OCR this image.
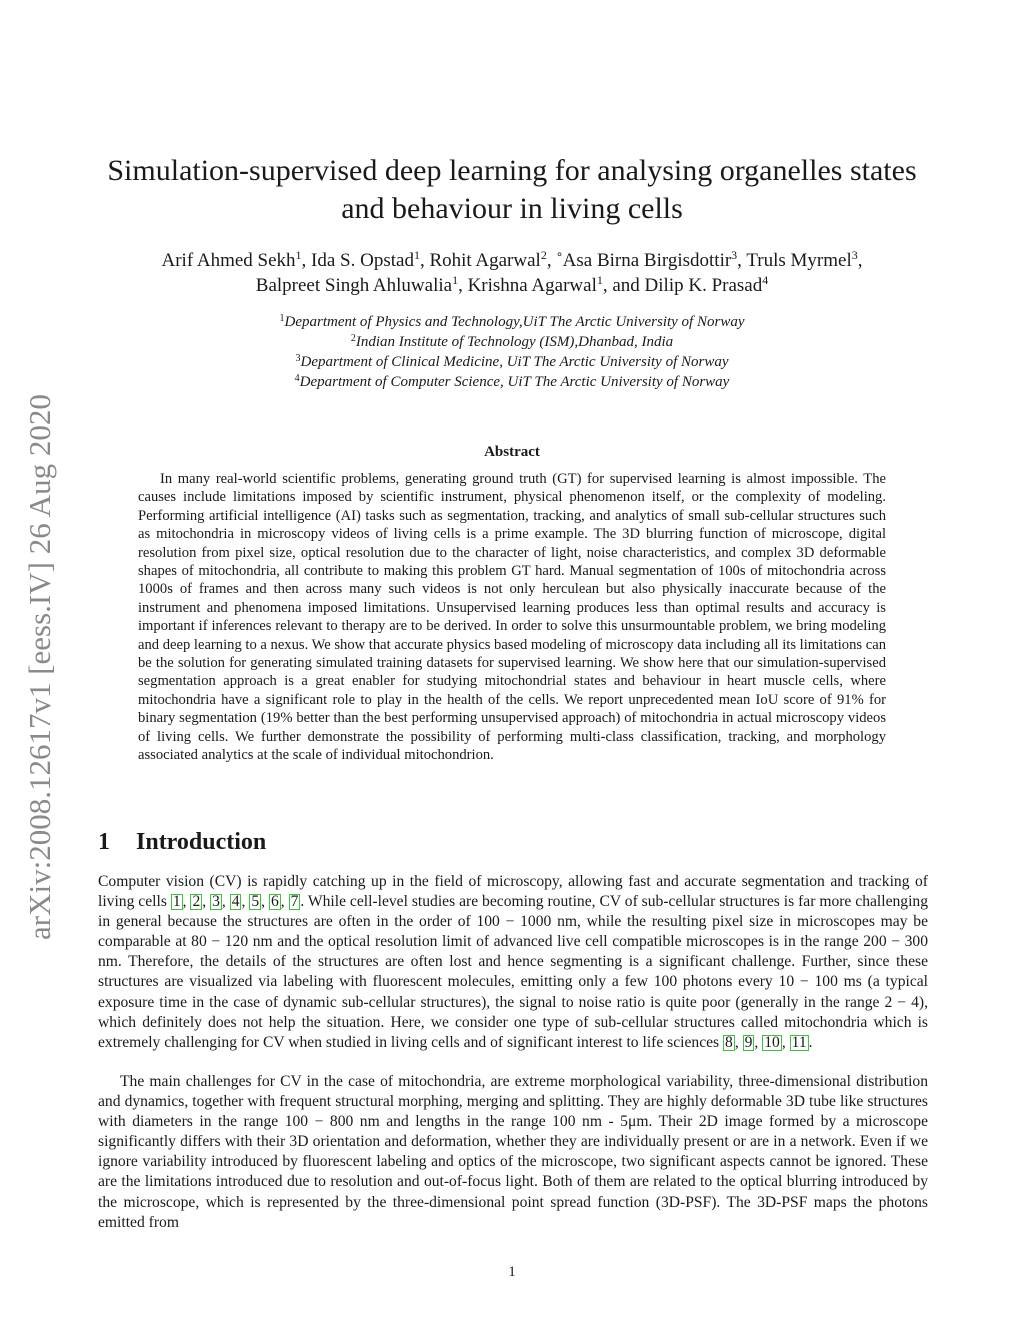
arXiv:2008.12617v1 [eess.IV] 26 Aug 2020
Simulation-supervised deep learning for analysing organelles states and behaviour in living cells
Arif Ahmed Sekh$^1$, Ida S. Opstad$^1$, Rohit Agarwal$^2$, ˚Asa Birna Birgisdottir$^3$, Truls Myrmel$^3$,
Balpreet Singh Ahluwalia$^1$, Krishna Agarwal$^1$, and Dilip K. Prasad$^4$
$^1$Department of Physics and Technology,UiT The Arctic University of Norway
$^2$Indian Institute of Technology (ISM),Dhanbad, India
$^3$Department of Clinical Medicine, UiT The Arctic University of Norway
$^4$Department of Computer Science, UiT The Arctic University of Norway
Abstract

In many real-world scientific problems, generating ground truth (GT) for supervised learning is almost impossible. The causes include limitations imposed by scientific instrument, physical phenomenon itself, or the complexity of modeling. Performing artificial intelligence (AI) tasks such as segmentation, tracking, and analytics of small sub-cellular structures such as mitochondria in microscopy videos of living cells is a prime example. The 3D blurring function of microscope, digital resolution from pixel size, optical resolution due to the character of light, noise characteristics, and complex 3D deformable shapes of mitochondria, all contribute to making this problem GT hard. Manual segmentation of 100s of mitochondria across 1000s of frames and then across many such videos is not only herculean but also physically inaccurate because of the instrument and phenomena imposed limitations. Unsupervised learning produces less than optimal results and accuracy is important if inferences relevant to therapy are to be derived. In order to solve this unsurmountable problem, we bring modeling and deep learning to a nexus. We show that accurate physics based modeling of microscopy data including all its limitations can be the solution for generating simulated training datasets for supervised learning. We show here that our simulation-supervised segmentation approach is a great enabler for studying mitochondrial states and behaviour in heart muscle cells, where mitochondria have a significant role to play in the health of the cells. We report unprecedented mean IoU score of 91% for binary segmentation (19% better than the best performing unsupervised approach) of mitochondria in actual microscopy videos of living cells. We further demonstrate the possibility of performing multi-class classification, tracking, and morphology associated analytics at the scale of individual mitochondrion.

1 Introduction

Computer vision (CV) is rapidly catching up in the field of microscopy, allowing fast and accurate segmentation and tracking of living cells 1 , 2 , 3 , 4 , 5 , 6 , 7 . While cell-level studies are becoming routine, CV of sub-cellular structures is far more challenging in general because the structures are often in the order of 100 − 1000 nm, while the resulting pixel size in microscopes may be comparable at 80 − 120 nm and the optical resolution limit of advanced live cell compatible microscopes is in the range 200 − 300 nm. Therefore, the details of the structures are often lost and hence segmenting is a significant challenge. Further, since these structures are visualized via labeling with fluorescent molecules, emitting only a few 100 photons every 10 − 100 ms (a typical exposure time in the case of dynamic sub-cellular structures), the signal to noise ratio is quite poor (generally in the range 2 − 4), which definitely does not help the situation. Here, we consider one type of sub-cellular structures called mitochondria which is extremely challenging for CV when studied in living cells and of significant interest to life sciences 8 , 9 , 10 , 11 .

The main challenges for CV in the case of mitochondria, are extreme morphological variability, three-dimensional distribution and dynamics, together with frequent structural morphing, merging and splitting. They are highly deformable 3D tube like structures with diameters in the range 100 − 800 nm and lengths in the range 100 nm - 5μm. Their 2D image formed by a microscope significantly differs with their 3D orientation and deformation, whether they are individually present or are in a network. Even if we ignore variability introduced by fluorescent labeling and optics of the microscope, two significant aspects cannot be ignored. These are the limitations introduced due to resolution and out-of-focus light. Both of them are related to the optical blurring introduced by the microscope, which is represented by the three-dimensional point spread function (3D-PSF). The 3D-PSF maps the photons emitted from

1
